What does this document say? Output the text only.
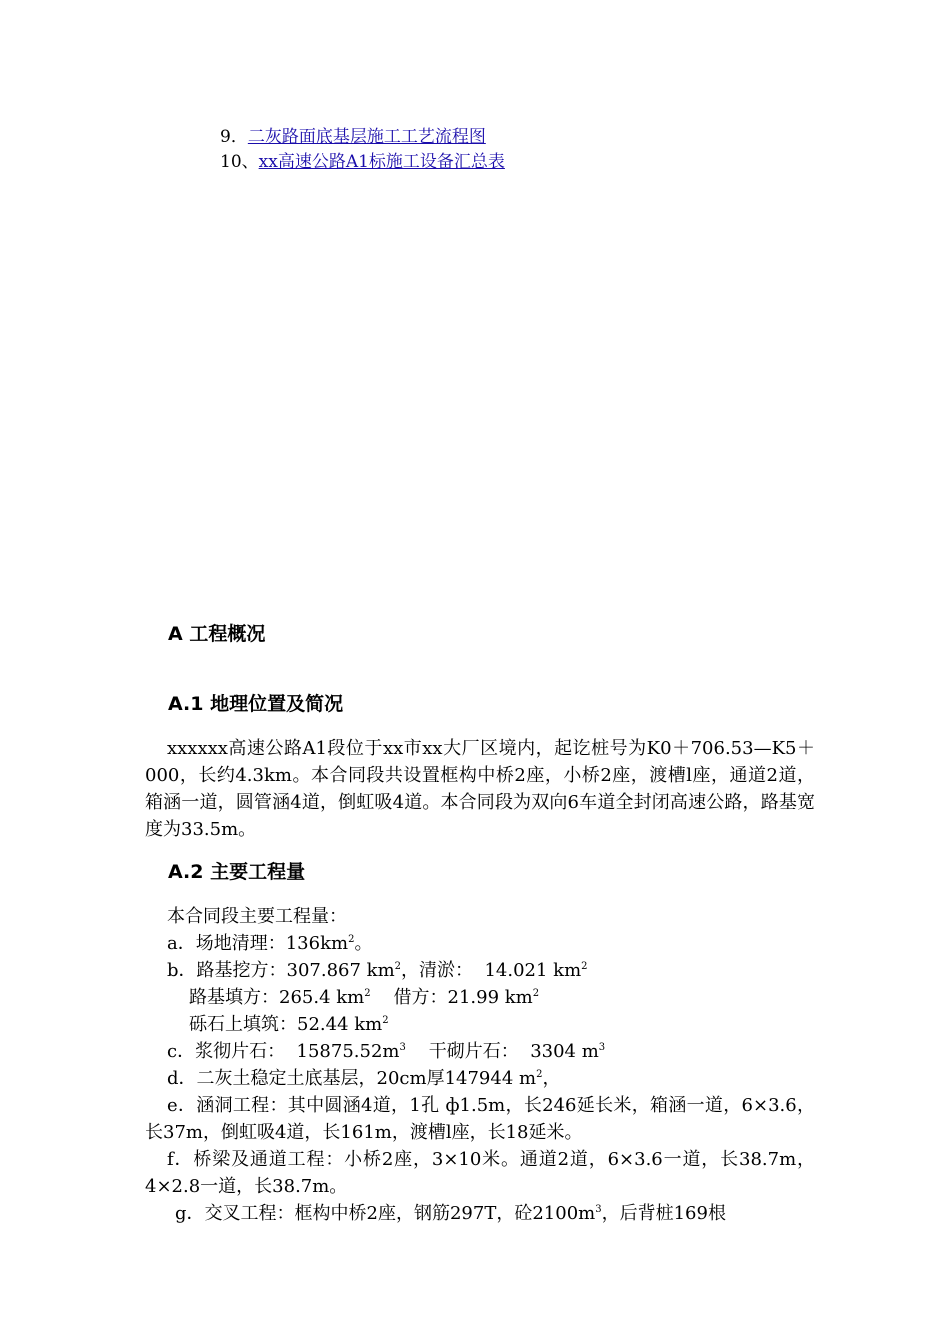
9．二灰路面底基层施工工艺流程图
10、xx高速公路A1标施工设备汇总表
A 工程概况
A.1 地理位置及简况
xxxxxx高速公路A1段位于xx市xx大厂区境内，起讫桩号为K0＋706.53—K5＋000，长约4.3km。本合同段共设置框构中桥2座，小桥2座，渡槽l座，通道2道，箱涵一道，圆管涵4道，倒虹吸4道。本合同段为双向6车道全封闭高速公路，路基宽度为33.5m。
A.2 主要工程量
本合同段主要工程量：
a．场地清理：$136km^2$。
b．路基挖方：307.867 $km^2$，清淤：  14.021 $km^2$
路基填方：265.4 $km^2$    借方：21.99 $km^2$
砾石上填筑：52.44 $km^2$
c．浆彻片石：  $15875.52m^3$    干砌片石：  3304 $m^3$
d．二灰土稳定土底基层，20cm厚147944 $m^2$，
e．涵洞工程：其中圆涵4道，1孔 ф1.5m，长246延长米，箱涵一道，6×3.6，长37m，倒虹吸4道，长161m，渡槽l座，长18延米。
f．桥梁及通道工程：小桥2座，3×10米。通道2道，6×3.6一道，长38.7m，  4×2.8一道，长38.7m。
g．交叉工程：框构中桥2座，钢筋297T，砼$2100m^3$，后背桩169根
